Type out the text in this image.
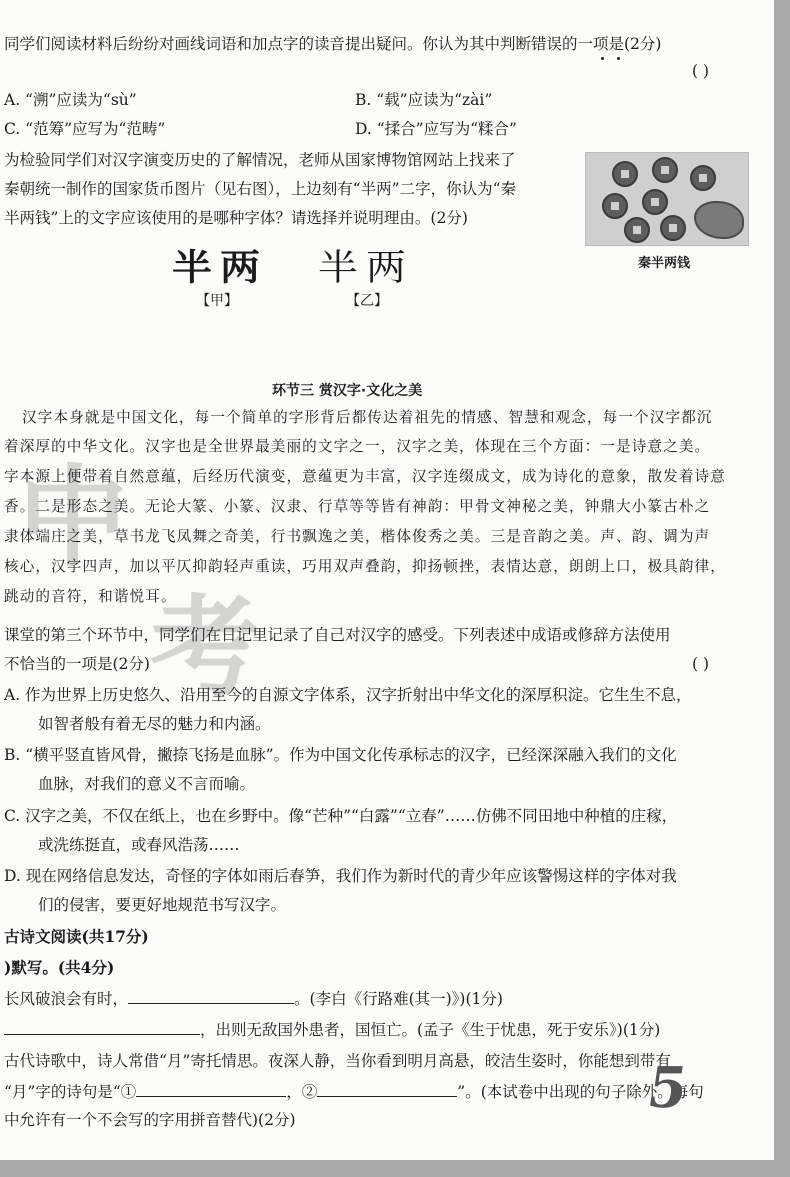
中
考
同学们阅读材料后纷纷对画线词语和加点字的读音提出疑问。你认为其中判断错误的一项是(2分)
( )
A. “溯”应读为“sù”	B. “载”应读为“zài”
C. “范筹”应写为“范畴”	D. “揉合”应写为“糅合”
为检验同学们对汉字演变历史的了解情况，老师从国家博物馆网站上找来了
秦朝统一制作的国家货币图片（见右图），上边刻有“半两”二字，你认为“秦
半两钱”上的文字应该使用的是哪种字体？请选择并说明理由。(2分)
秦半两钱
半两 半两
【甲】	【乙】
环节三 赏汉字·文化之美
汉字本身就是中国文化，每一个简单的字形背后都传达着祖先的情感、智慧和观念，每一个汉字都沉
着深厚的中华文化。汉字也是全世界最美丽的文字之一，汉字之美，体现在三个方面：一是诗意之美。
字本源上便带着自然意蕴，后经历代演变，意蕴更为丰富，汉字连缀成文，成为诗化的意象，散发着诗意
香。二是形态之美。无论大篆、小篆、汉隶、行草等等皆有神韵：甲骨文神秘之美，钟鼎大小篆古朴之
隶体端庄之美，草书龙飞凤舞之奇美，行书飘逸之美，楷体俊秀之美。三是音韵之美。声、韵、调为声
核心，汉字四声，加以平仄抑韵轻声重读，巧用双声叠韵，抑扬顿挫，表情达意，朗朗上口，极具韵律，
跳动的音符，和谐悦耳。
课堂的第三个环节中，同学们在日记里记录了自己对汉字的感受。下列表述中成语或修辞方法使用
不恰当的一项是(2分)	( )
A. 作为世界上历史悠久、沿用至今的自源文字体系，汉字折射出中华文化的深厚积淀。它生生不息，
如智者般有着无尽的魅力和内涵。
B. “横平竖直皆风骨，撇捺飞扬是血脉”。作为中国文化传承标志的汉字，已经深深融入我们的文化
血脉，对我们的意义不言而喻。
C. 汉字之美，不仅在纸上，也在乡野中。像“芒种”“白露”“立春”……仿佛不同田地中种植的庄稼，
或洗练挺直，或春风浩荡……
D. 现在网络信息发达，奇怪的字体如雨后春笋，我们作为新时代的青少年应该警惕这样的字体对我
们的侵害，要更好地规范书写汉字。
古诗文阅读(共17分)
)默写。(共4分)
长风破浪会有时，	。(李白《行路难(其一)》)(1分)
，出则无敌国外患者，国恒亡。(孟子《生于忧患，死于安乐》)(1分)
古代诗歌中，诗人常借“月”寄托情思。夜深人静，当你看到明月高悬，皎洁生姿时，你能想到带有
“月”字的诗句是“①	，②	”。(本试卷中出现的句子除外。每句
中允许有一个不会写的字用拼音替代)(2分)	5
